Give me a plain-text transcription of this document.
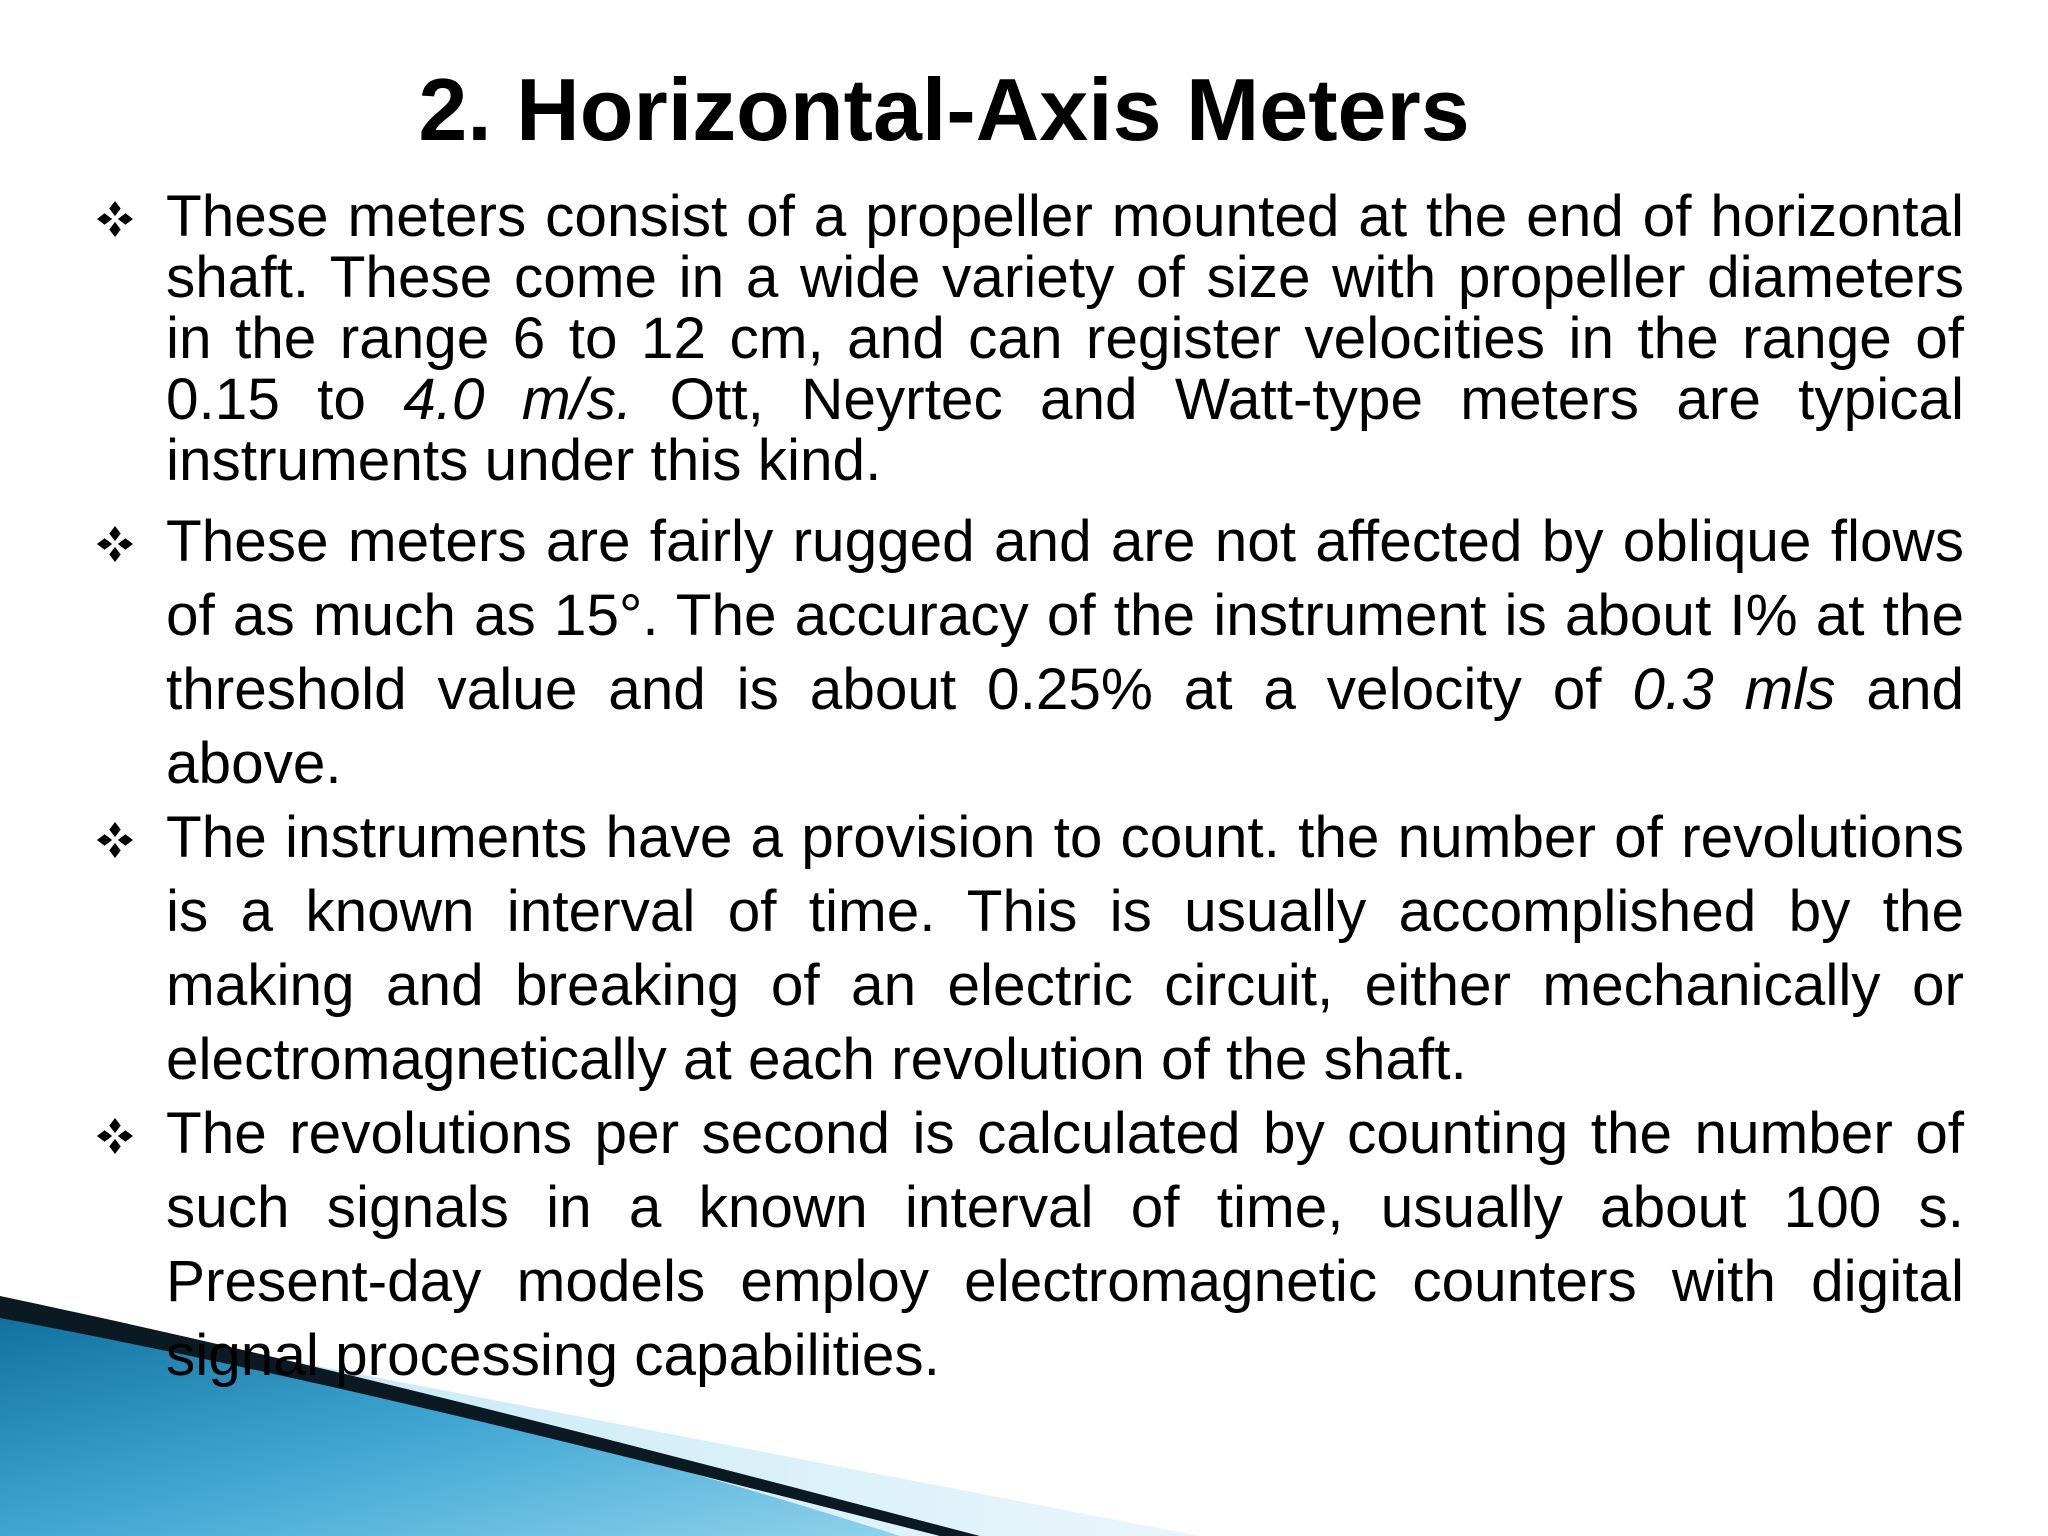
2. Horizontal-Axis Meters
These meters consist of a propeller mounted at the end of horizontal shaft. These come in a wide variety of size with propeller diameters in the range 6 to 12 cm, and can register velocities in the range of 0.15 to 4.0 m/s. Ott, Neyrtec and Watt-type meters are typical instruments under this kind.
These meters are fairly rugged and are not affected by oblique flows of as much as 15°. The accuracy of the instrument is about I% at the threshold value and is about 0.25% at a velocity of 0.3 mls and above.
The instruments have a provision to count. the number of revolutions is a known interval of time. This is usually accomplished by the making and breaking of an electric circuit, either mechanically or electromagnetically at each revolution of the shaft.
The revolutions per second is calculated by counting the number of such signals in a known interval of time, usually about 100 s. Present-day models employ electromagnetic counters with digital signal processing capabilities.
